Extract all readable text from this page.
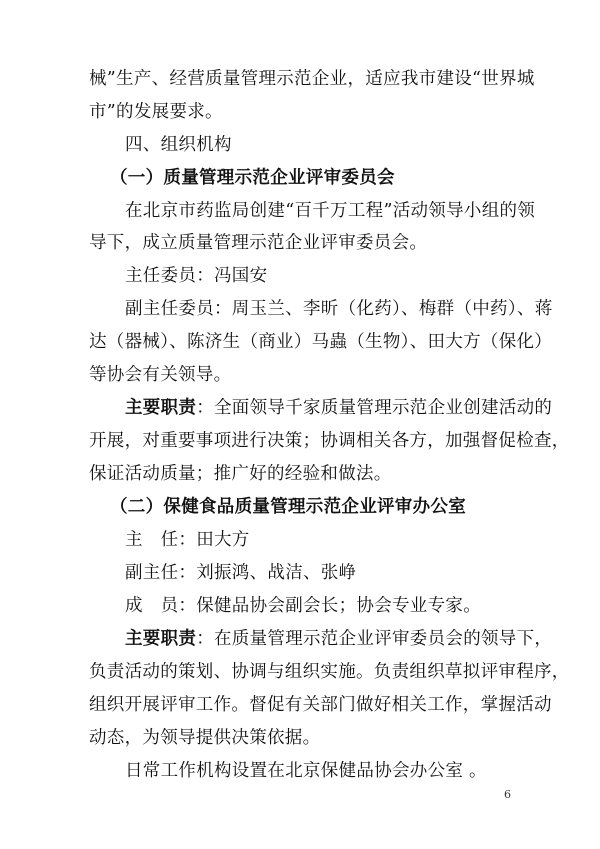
械”生产、经营质量管理示范企业，适应我市建设“世界城
市”的发展要求。
四、组织机构
（一）质量管理示范企业评审委员会
在北京市药监局创建“百千万工程”活动领导小组的领
导下，成立质量管理示范企业评审委员会。
主任委员：冯国安
副主任委员：周玉兰、李昕（化药）、梅群（中药）、蒋
达（器械）、陈济生（商业）马蟲（生物）、田大方（保化）
等协会有关领导。
主要职责：全面领导千家质量管理示范企业创建活动的
开展，对重要事项进行决策；协调相关各方，加强督促检查，
保证活动质量；推广好的经验和做法。
（二）保健食品质量管理示范企业评审办公室
主　任：田大方
副主任：刘振鸿、战洁、张峥
成　员：保健品协会副会长；协会专业专家。
主要职责：在质量管理示范企业评审委员会的领导下，
负责活动的策划、协调与组织实施。负责组织草拟评审程序，
组织开展评审工作。督促有关部门做好相关工作，掌握活动
动态，为领导提供决策依据。
日常工作机构设置在北京保健品协会办公室 。
6
